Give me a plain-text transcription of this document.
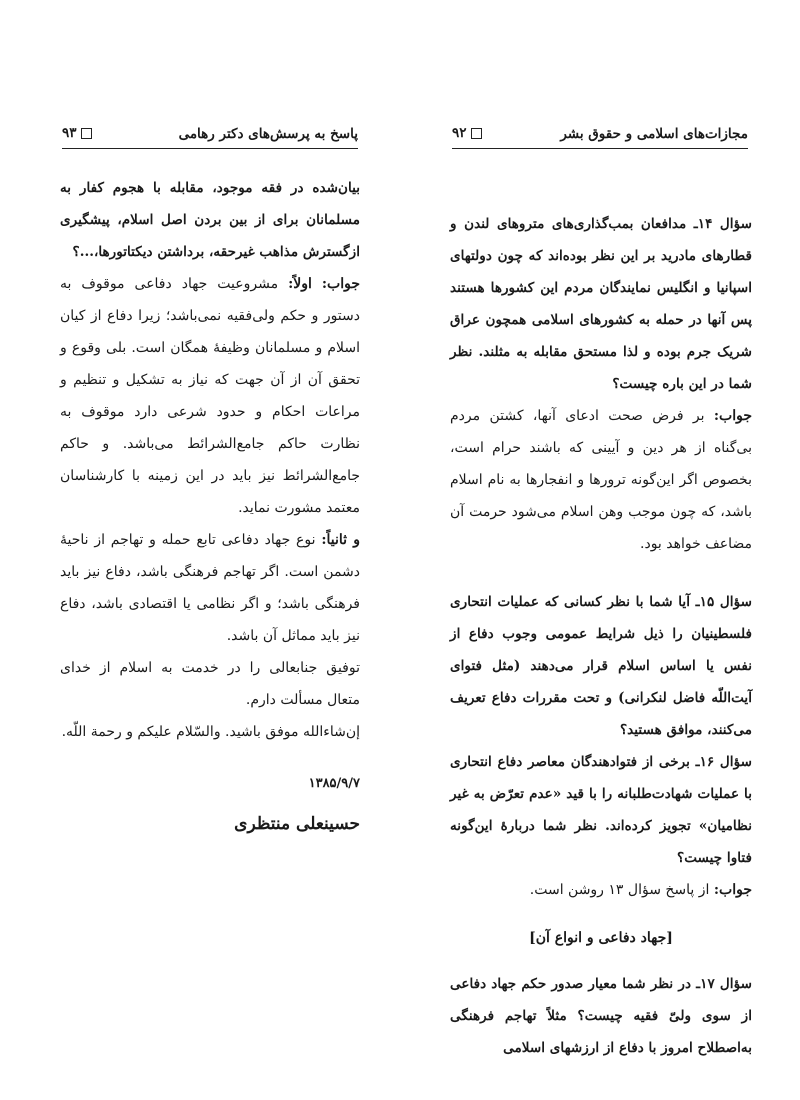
پاسخ به پرسش‌های دکتر رهامی
۹۳

بیان‌شده در فقه موجود، مقابله با هجوم کفار به مسلمانان برای از بین بردن اصل اسلام، پیشگیری ازگسترش مذاهب غیرحقه، برداشتن دیکتاتورها،...؟

جواب: اولاً: مشروعیت جهاد دفاعی موقوف به دستور و حکم ولی‌فقیه نمی‌باشد؛ زیرا دفاع از کیان اسلام و مسلمانان وظیفهٔ همگان است. بلی وقوع و تحقق آن از آن جهت که نیاز به تشکیل و تنظیم و مراعات احکام و حدود شرعی دارد موقوف به نظارت حاکم جامع‌الشرائط می‌باشد. و حاکم جامع‌الشرائط نیز باید در این زمینه با کارشناسان معتمد مشورت نماید.

و ثانیاً: نوع جهاد دفاعی تابع حمله و تهاجم از ناحیهٔ دشمن است. اگر تهاجم فرهنگی باشد، دفاع نیز باید فرهنگی باشد؛ و اگر نظامی یا اقتصادی باشد، دفاع نیز باید مماثل آن باشد.

توفیق جنابعالی را در خدمت به اسلام از خدای متعال مسألت دارم.

إن‌شاءالله موفق باشید. والسّلام علیکم و رحمة اللّه.

۱۳۸۵/۹/۷
حسینعلی منتظری
مجازات‌های اسلامی و حقوق بشر
۹۲

سؤال ۱۴ـ مدافعان بمب‌گذاری‌های متروهای لندن و قطارهای مادرید بر این نظر بوده‌اند که چون دولتهای اسپانیا و انگلیس نمایندگان مردم این کشورها هستند پس آنها در حمله به کشورهای اسلامی همچون عراق شریک جرم بوده و لذا مستحق مقابله به مثلند. نظر شما در این باره چیست؟

جواب: بر فرض صحت ادعای آنها، کشتن مردم بی‌گناه از هر دین و آیینی که باشند حرام است، بخصوص اگر این‌گونه ترورها و انفجارها به نام اسلام باشد، که چون موجب وهن اسلام می‌شود حرمت آن مضاعف خواهد بود.

سؤال ۱۵ـ آیا شما با نظر کسانی که عملیات انتحاری فلسطینیان را ذیل شرایط عمومی وجوب دفاع از نفس یا اساس اسلام قرار می‌دهند (مثل فتوای آیت‌اللّه فاضل لنکرانی) و تحت مقررات دفاع تعریف می‌کنند، موافق هستید؟

سؤال ۱۶ـ برخی از فتوادهندگان معاصر دفاع انتحاری با عملیات شهادت‌طلبانه را با قید «عدم تعرّض به غیر نظامیان» تجویز کرده‌اند. نظر شما دربارهٔ این‌گونه فتاوا چیست؟

جواب: از پاسخ سؤال ۱۳ روشن است.

[جهاد دفاعی و انواع آن]

سؤال ۱۷ـ در نظر شما معیار صدور حکم جهاد دفاعی از سوی ولیّ فقیه چیست؟ مثلاً تهاجم فرهنگی به‌اصطلاح امروز با دفاع از ارزشهای اسلامی
